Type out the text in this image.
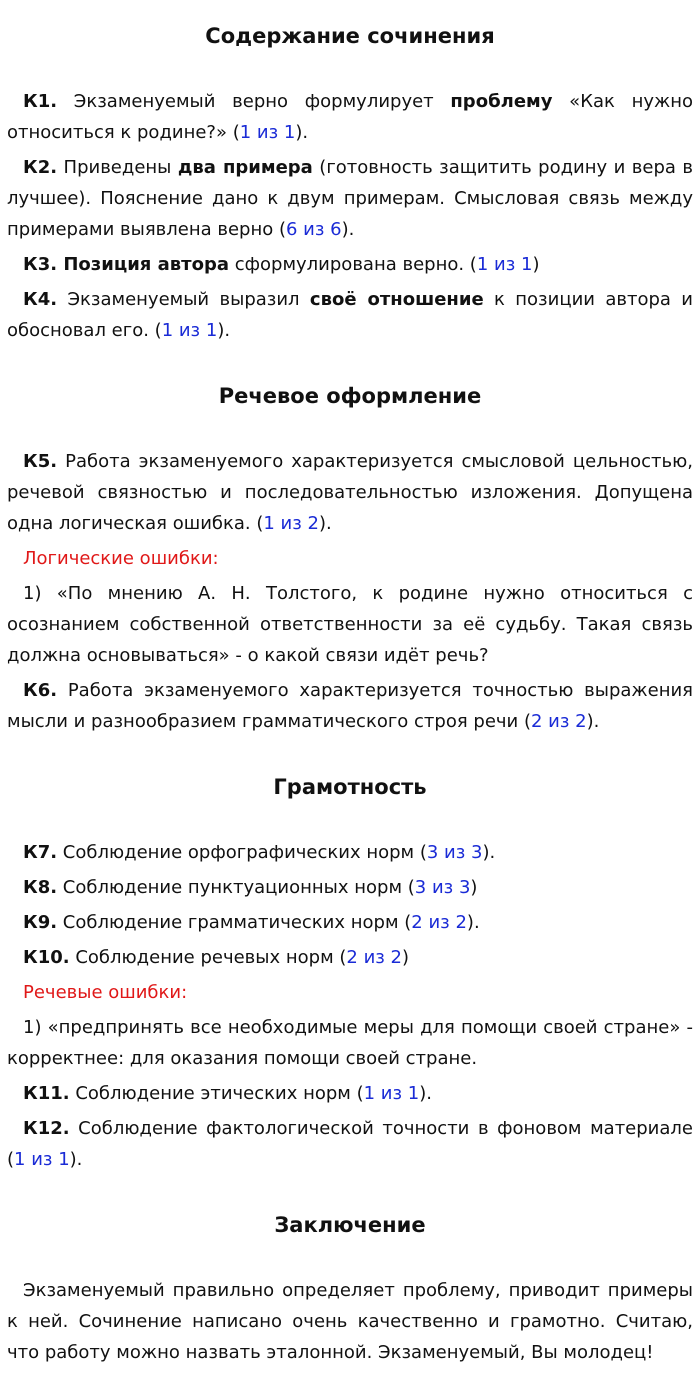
Содержание сочинения

К1. Экзаменуемый верно формулирует проблему «Как нужно относиться к родине?» (1 из 1).

К2. Приведены два примера (готовность защитить родину и вера в лучшее). Пояснение дано к двум примерам. Смысловая связь между примерами выявлена верно (6 из 6).

К3. Позиция автора сформулирована верно. (1 из 1)

К4. Экзаменуемый выразил своё отношение к позиции автора и обосновал его. (1 из 1).

Речевое оформление

К5. Работа экзаменуемого характеризуется смысловой цельностью, речевой связностью и последовательностью изложения. Допущена одна логическая ошибка. (1 из 2).

Логические ошибки:

1) «По мнению А. Н. Толстого, к родине нужно относиться с осознанием собственной ответственности за её судьбу. Такая связь должна основываться» - о какой связи идёт речь?

К6. Работа экзаменуемого характеризуется точностью выражения мысли и разнообразием грамматического строя речи (2 из 2).

Грамотность

К7. Соблюдение орфографических норм (3 из 3).

К8. Соблюдение пунктуационных норм (3 из 3)

К9. Соблюдение грамматических норм (2 из 2).

К10. Соблюдение речевых норм (2 из 2)

Речевые ошибки:

1) «предпринять все необходимые меры для помощи своей стране» - корректнее: для оказания помощи своей стране.

К11. Соблюдение этических норм (1 из 1).

К12. Соблюдение фактологической точности в фоновом материале (1 из 1).

Заключение

Экзаменуемый правильно определяет проблему, приводит примеры к ней. Сочинение написано очень качественно и грамотно. Считаю, что работу можно назвать эталонной. Экзаменуемый, Вы молодец!
